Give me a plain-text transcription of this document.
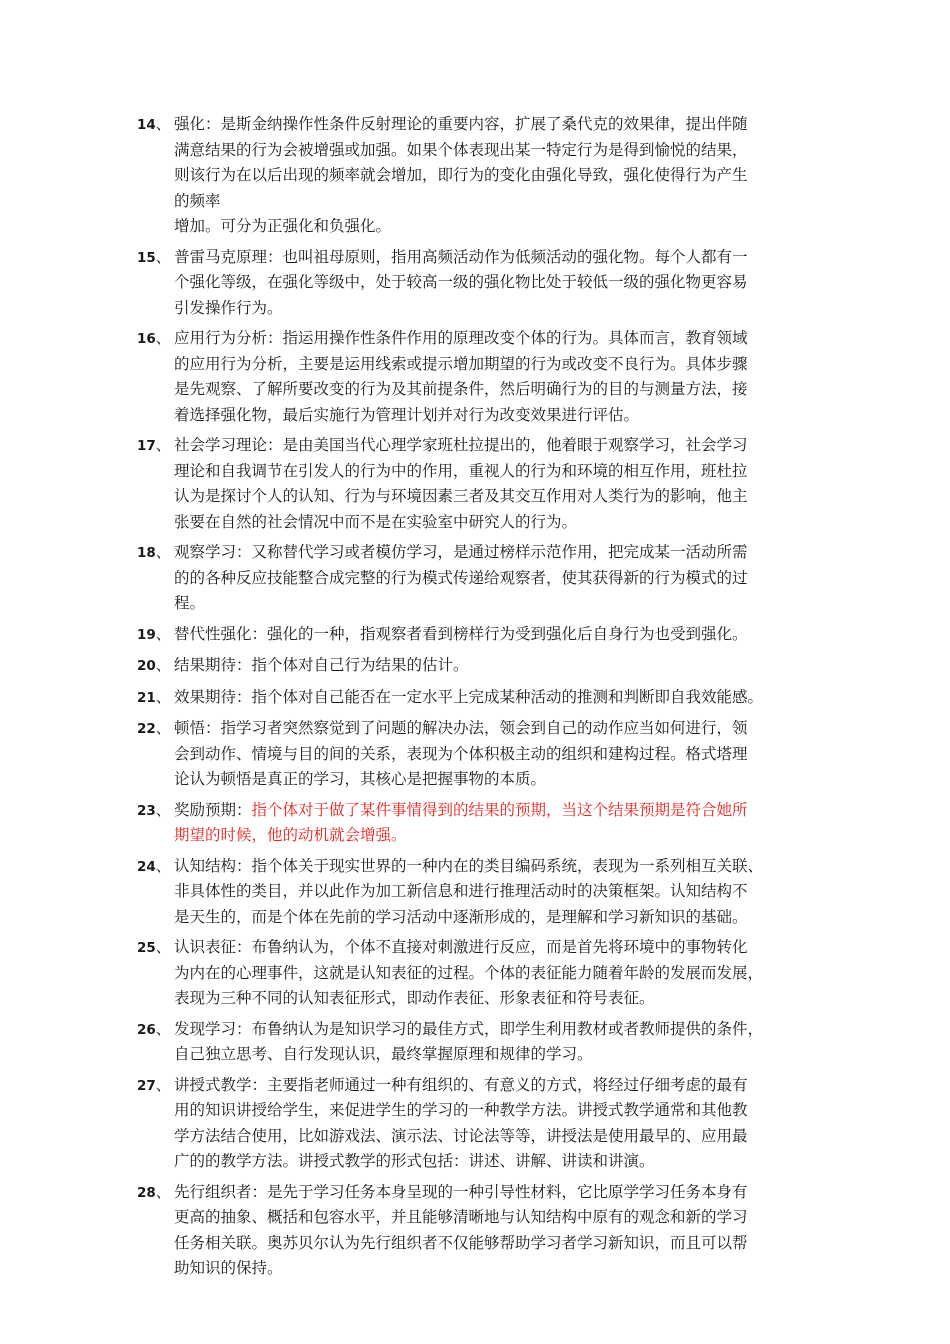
14、 强化：是斯金纳操作性条件反射理论的重要内容，扩展了桑代克的效果律，提出伴随
满意结果的行为会被增强或加强。如果个体表现出某一特定行为是得到愉悦的结果，
则该行为在以后出现的频率就会增加，即行为的变化由强化导致，强化使得行为产生
的频率
增加。可分为正强化和负强化。
15、 普雷马克原理：也叫祖母原则，指用高频活动作为低频活动的强化物。每个人都有一
个强化等级，在强化等级中，处于较高一级的强化物比处于较低一级的强化物更容易
引发操作行为。
16、 应用行为分析：指运用操作性条件作用的原理改变个体的行为。具体而言，教育领域
的应用行为分析，主要是运用线索或提示增加期望的行为或改变不良行为。具体步骤
是先观察、了解所要改变的行为及其前提条件，然后明确行为的目的与测量方法，接
着选择强化物，最后实施行为管理计划并对行为改变效果进行评估。
17、 社会学习理论：是由美国当代心理学家班杜拉提出的，他着眼于观察学习，社会学习
理论和自我调节在引发人的行为中的作用，重视人的行为和环境的相互作用，班杜拉
认为是探讨个人的认知、行为与环境因素三者及其交互作用对人类行为的影响，他主
张要在自然的社会情况中而不是在实验室中研究人的行为。
18、 观察学习：又称替代学习或者模仿学习，是通过榜样示范作用，把完成某一活动所需
的的各种反应技能整合成完整的行为模式传递给观察者，使其获得新的行为模式的过
程。
19、 替代性强化：强化的一种，指观察者看到榜样行为受到强化后自身行为也受到强化。
20、 结果期待：指个体对自己行为结果的估计。
21、 效果期待：指个体对自己能否在一定水平上完成某种活动的推测和判断即自我效能感。
22、 顿悟：指学习者突然察觉到了问题的解决办法，领会到自己的动作应当如何进行，领
会到动作、情境与目的间的关系，表现为个体积极主动的组织和建构过程。格式塔理
论认为顿悟是真正的学习，其核心是把握事物的本质。
23、 奖励预期：指个体对于做了某件事情得到的结果的预期，当这个结果预期是符合她所
期望的时候，他的动机就会增强。
24、 认知结构：指个体关于现实世界的一种内在的类目编码系统，表现为一系列相互关联、
非具体性的类目，并以此作为加工新信息和进行推理活动时的决策框架。认知结构不
是天生的，而是个体在先前的学习活动中逐渐形成的，是理解和学习新知识的基础。
25、 认识表征：布鲁纳认为，个体不直接对刺激进行反应，而是首先将环境中的事物转化
为内在的心理事件，这就是认知表征的过程。个体的表征能力随着年龄的发展而发展，
表现为三种不同的认知表征形式，即动作表征、形象表征和符号表征。
26、 发现学习：布鲁纳认为是知识学习的最佳方式，即学生利用教材或者教师提供的条件，
自己独立思考、自行发现认识，最终掌握原理和规律的学习。
27、 讲授式教学：主要指老师通过一种有组织的、有意义的方式，将经过仔细考虑的最有
用的知识讲授给学生，来促进学生的学习的一种教学方法。讲授式教学通常和其他教
学方法结合使用，比如游戏法、演示法、讨论法等等，讲授法是使用最早的、应用最
广的的教学方法。讲授式教学的形式包括：讲述、讲解、讲读和讲演。
28、 先行组织者：是先于学习任务本身呈现的一种引导性材料，它比原学学习任务本身有
更高的抽象、概括和包容水平，并且能够清晰地与认知结构中原有的观念和新的学习
任务相关联。奥苏贝尔认为先行组织者不仅能够帮助学习者学习新知识，而且可以帮
助知识的保持。
